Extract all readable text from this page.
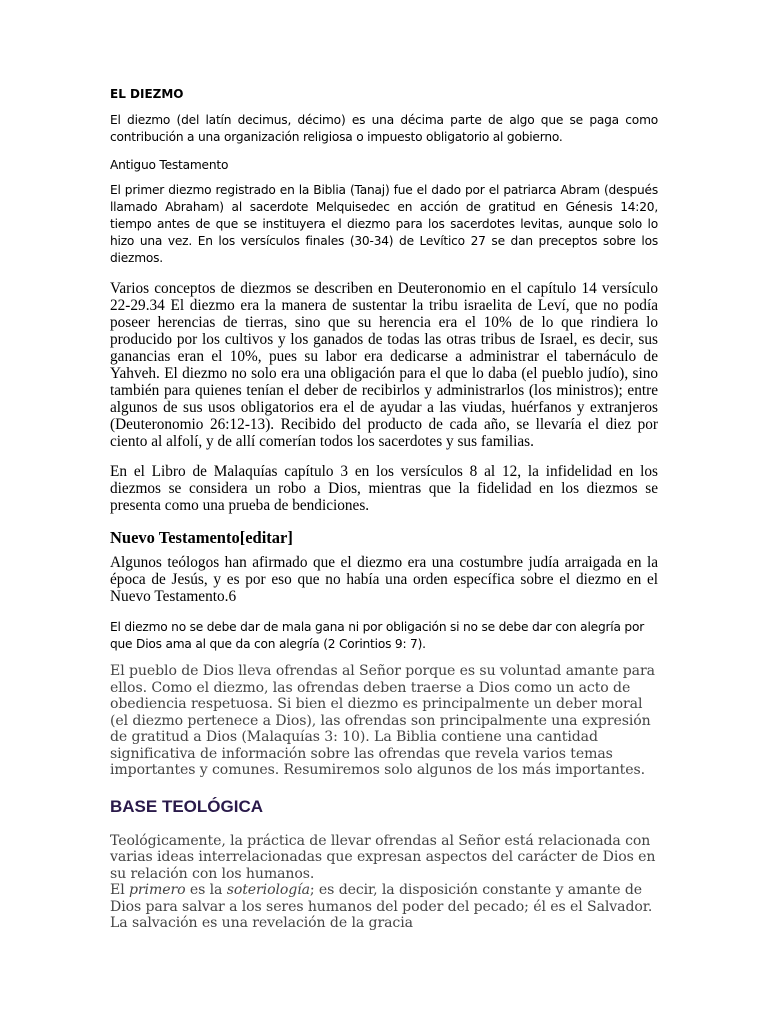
EL DIEZMO

El diezmo (del latín decimus, décimo) es una décima parte de algo que se paga como contribución a una organización religiosa o impuesto obligatorio al gobierno.

Antiguo Testamento

El primer diezmo registrado en la Biblia (Tanaj) fue el dado por el patriarca Abram (después llamado Abraham) al sacerdote Melquisedec en acción de gratitud en Génesis 14:20, tiempo antes de que se instituyera el diezmo para los sacerdotes levitas, aunque solo lo hizo una vez. En los versículos finales (30-34) de Levítico 27 se dan preceptos sobre los diezmos.

Varios conceptos de diezmos se describen en Deuteronomio en el capítulo 14 versículo 22-29.34 El diezmo era la manera de sustentar la tribu israelita de Leví, que no podía poseer herencias de tierras, sino que su herencia era el 10% de lo que rindiera lo producido por los cultivos y los ganados de todas las otras tribus de Israel, es decir, sus ganancias eran el 10%, pues su labor era dedicarse a administrar el tabernáculo de Yahveh. El diezmo no solo era una obligación para el que lo daba (el pueblo judío), sino también para quienes tenían el deber de recibirlos y administrarlos (los ministros); entre algunos de sus usos obligatorios era el de ayudar a las viudas, huérfanos y extranjeros (Deuteronomio 26:12-13). Recibido del producto de cada año, se llevaría el diez por ciento al alfolí, y de allí comerían todos los sacerdotes y sus familias.

En el Libro de Malaquías capítulo 3 en los versículos 8 al 12, la infidelidad en los diezmos se considera un robo a Dios, mientras que la fidelidad en los diezmos se presenta como una prueba de bendiciones.

Nuevo Testamento[editar]

Algunos teólogos han afirmado que el diezmo era una costumbre judía arraigada en la época de Jesús, y es por eso que no había una orden específica sobre el diezmo en el Nuevo Testamento.6

El diezmo no se debe dar de mala gana ni por obligación si no se debe dar con alegría por que Dios ama al que da con alegría (2 Corintios 9: 7).

El pueblo de Dios lleva ofrendas al Señor porque es su voluntad amante para ellos. Como el diezmo, las ofrendas deben traerse a Dios como un acto de obediencia respetuosa. Si bien el diezmo es principalmente un deber moral (el diezmo pertenece a Dios), las ofrendas son principalmente una expresión de gratitud a Dios (Malaquías 3: 10). La Biblia contiene una cantidad significativa de información sobre las ofrendas que revela varios temas importantes y comunes. Resumiremos solo algunos de los más importantes.

BASE TEOLÓGICA

Teológicamente, la práctica de llevar ofrendas al Señor está relacionada con varias ideas interrelacionadas que expresan aspectos del carácter de Dios en su relación con los humanos.

El primero es la soteriología; es decir, la disposición constante y amante de Dios para salvar a los seres humanos del poder del pecado; él es el Salvador. La salvación es una revelación de la gracia
